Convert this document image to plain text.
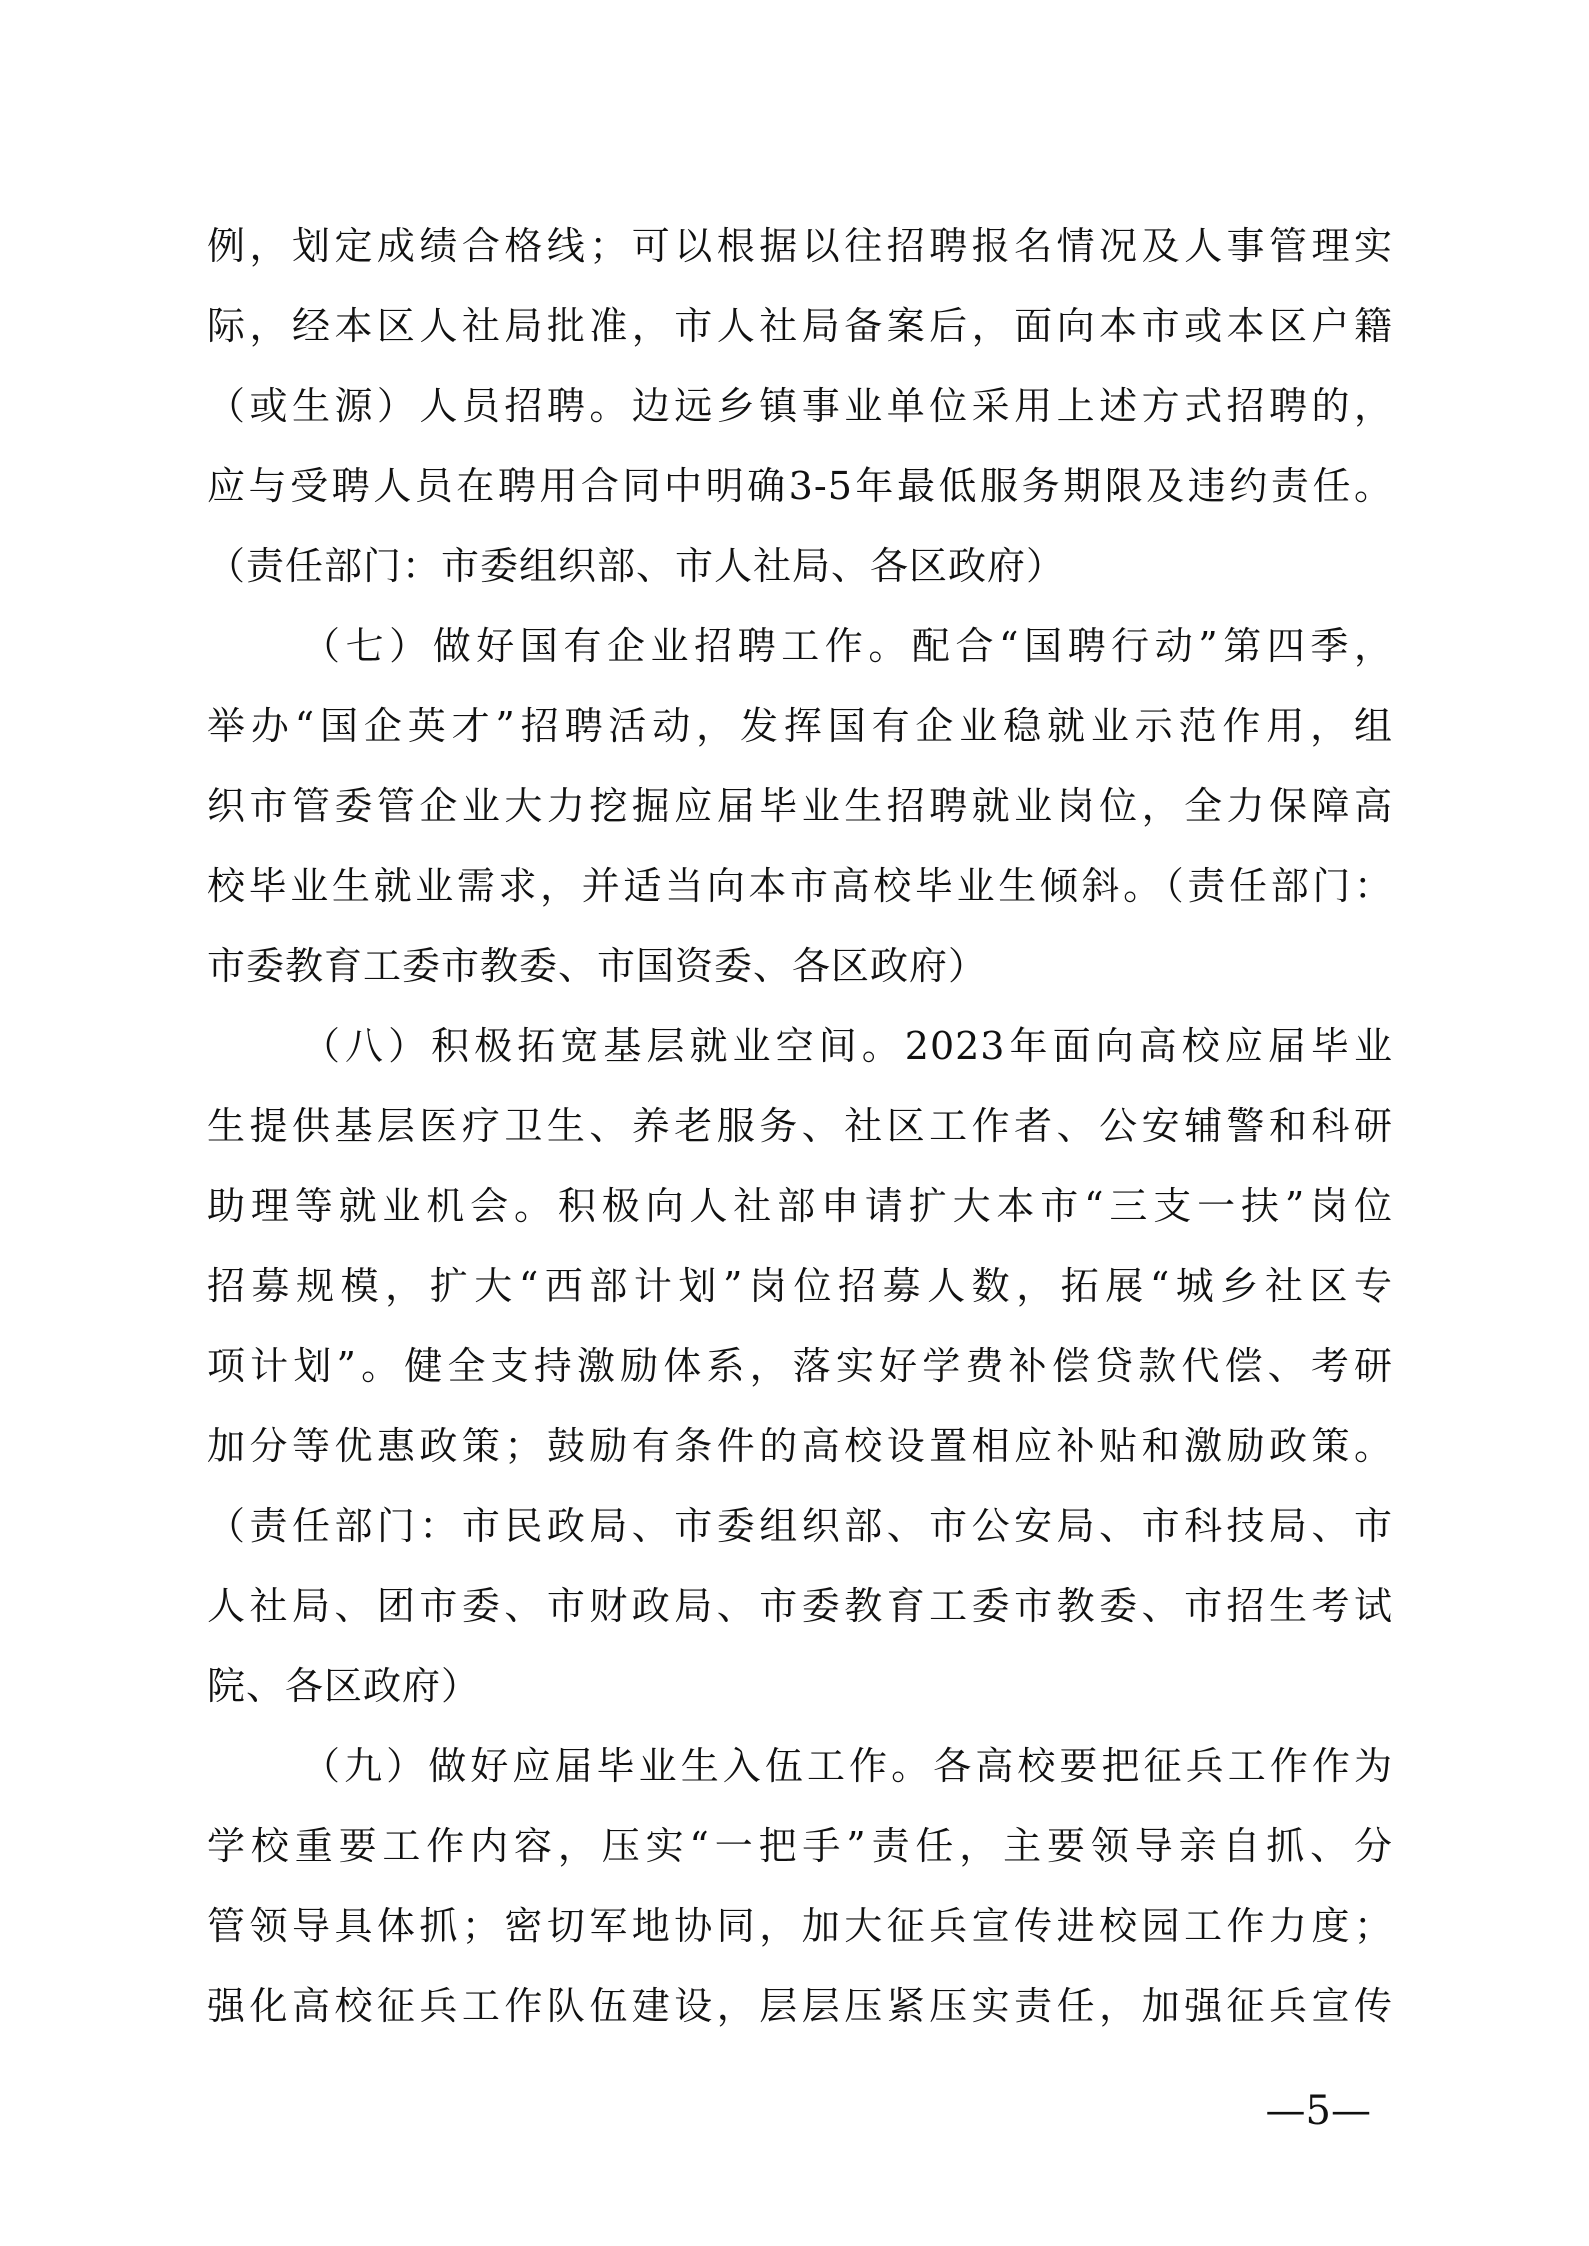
例，划定成绩合格线；可以根据以往招聘报名情况及人事管理实
际，经本区人社局批准，市人社局备案后，面向本市或本区户籍
（或生源）人员招聘。边远乡镇事业单位采用上述方式招聘的，
应与受聘人员在聘用合同中明确3-5年最低服务期限及违约责任。
（责任部门：市委组织部、市人社局、各区政府）
（七）做好国有企业招聘工作。配合“国聘行动”第四季，
举办“国企英才”招聘活动，发挥国有企业稳就业示范作用，组
织市管委管企业大力挖掘应届毕业生招聘就业岗位，全力保障高
校毕业生就业需求，并适当向本市高校毕业生倾斜。（责任部门：
市委教育工委市教委、市国资委、各区政府）
（八）积极拓宽基层就业空间。2023年面向高校应届毕业
生提供基层医疗卫生、养老服务、社区工作者、公安辅警和科研
助理等就业机会。积极向人社部申请扩大本市“三支一扶”岗位
招募规模，扩大“西部计划”岗位招募人数，拓展“城乡社区专
项计划”。健全支持激励体系，落实好学费补偿贷款代偿、考研
加分等优惠政策；鼓励有条件的高校设置相应补贴和激励政策。
（责任部门：市民政局、市委组织部、市公安局、市科技局、市
人社局、团市委、市财政局、市委教育工委市教委、市招生考试
院、各区政府）
（九）做好应届毕业生入伍工作。各高校要把征兵工作作为
学校重要工作内容，压实“一把手”责任，主要领导亲自抓、分
管领导具体抓；密切军地协同，加大征兵宣传进校园工作力度；
强化高校征兵工作队伍建设，层层压紧压实责任，加强征兵宣传
—5—
